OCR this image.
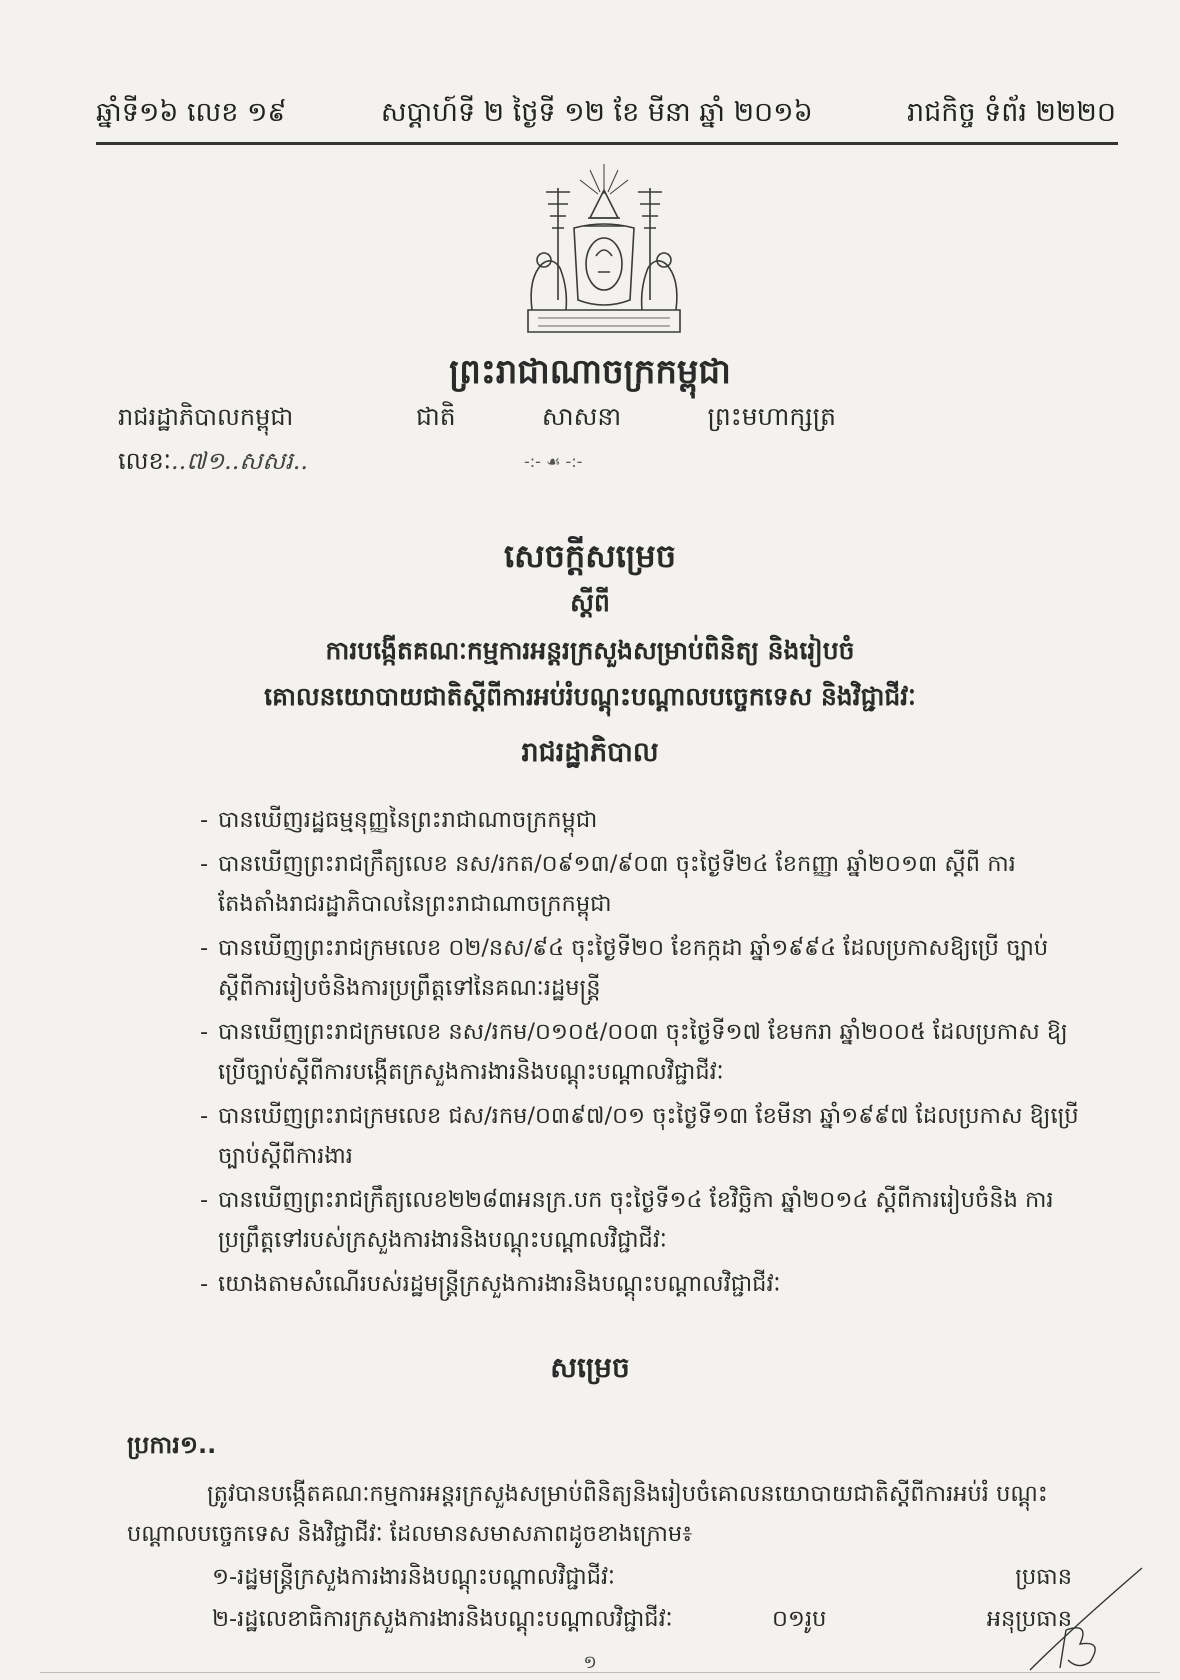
ឆ្នាំទី១៦ លេខ ១៩	សប្តាហ៍ទី ២ ថ្ងៃទី ១២ ខែ មីនា ឆ្នាំ ២០១៦	រាជកិច្ច ទំព័រ ២២២០
ព្រះរាជាណាចក្រកម្ពុជា
រាជរដ្ឋាភិបាលកម្ពុជា
លេខៈ..៧១..សសរ..
ជាតិ	សាសនា	ព្រះមហាក្សត្រ
-:- ☙ -:-
សេចក្តីសម្រេច
ស្តីពី
ការបង្កើតគណៈកម្មការអន្តរក្រសួងសម្រាប់ពិនិត្យ និងរៀបចំ
គោលនយោបាយជាតិស្តីពីការអប់រំបណ្តុះបណ្តាលបច្ចេកទេស និងវិជ្ជាជីវៈ
រាជរដ្ឋាភិបាល
- បានឃើញរដ្ឋធម្មនុញ្ញនៃព្រះរាជាណាចក្រកម្ពុជា
- បានឃើញព្រះរាជក្រឹត្យលេខ នស/រកត/០៩១៣/៩០៣ ចុះថ្ងៃទី២៤ ខែកញ្ញា ឆ្នាំ២០១៣ ស្តីពី ការតែងតាំងរាជរដ្ឋាភិបាលនៃព្រះរាជាណាចក្រកម្ពុជា
- បានឃើញព្រះរាជក្រមលេខ ០២/នស/៩៤ ចុះថ្ងៃទី២០ ខែកក្កដា ឆ្នាំ១៩៩៤ ដែលប្រកាសឱ្យប្រើ ច្បាប់ស្តីពីការរៀបចំនិងការប្រព្រឹត្តទៅនៃគណៈរដ្ឋមន្ត្រី
- បានឃើញព្រះរាជក្រមលេខ នស/រកម/០១០៥/០០៣ ចុះថ្ងៃទី១៧ ខែមករា ឆ្នាំ២០០៥ ដែលប្រកាស ឱ្យប្រើច្បាប់ស្តីពីការបង្កើតក្រសួងការងារនិងបណ្តុះបណ្តាលវិជ្ជាជីវៈ
- បានឃើញព្រះរាជក្រមលេខ ជស/រកម/០៣៩៧/០១ ចុះថ្ងៃទី១៣ ខែមីនា ឆ្នាំ១៩៩៧ ដែលប្រកាស ឱ្យប្រើច្បាប់ស្តីពីការងារ
- បានឃើញព្រះរាជក្រឹត្យលេខ២២៨៣អនក្រ.បក ចុះថ្ងៃទី១៤ ខែវិច្ឆិកា ឆ្នាំ២០១៤ ស្តីពីការរៀបចំនិង ការប្រព្រឹត្តទៅរបស់ក្រសួងការងារនិងបណ្តុះបណ្តាលវិជ្ជាជីវៈ
- យោងតាមសំណើរបស់រដ្ឋមន្ត្រីក្រសួងការងារនិងបណ្តុះបណ្តាលវិជ្ជាជីវៈ
សម្រេច
ប្រការ១..

ត្រូវបានបង្កើតគណៈកម្មការអន្តរក្រសួងសម្រាប់ពិនិត្យនិងរៀបចំគោលនយោបាយជាតិស្តីពីការអប់រំ បណ្តុះបណ្តាលបច្ចេកទេស និងវិជ្ជាជីវៈ ដែលមានសមាសភាពដូចខាងក្រោម៖

១-រដ្ឋមន្ត្រីក្រសួងការងារនិងបណ្តុះបណ្តាលវិជ្ជាជីវៈ	ប្រធាន
២-រដ្ឋលេខាធិការក្រសួងការងារនិងបណ្តុះបណ្តាលវិជ្ជាជីវៈ	០១រូប	អនុប្រធាន
១
